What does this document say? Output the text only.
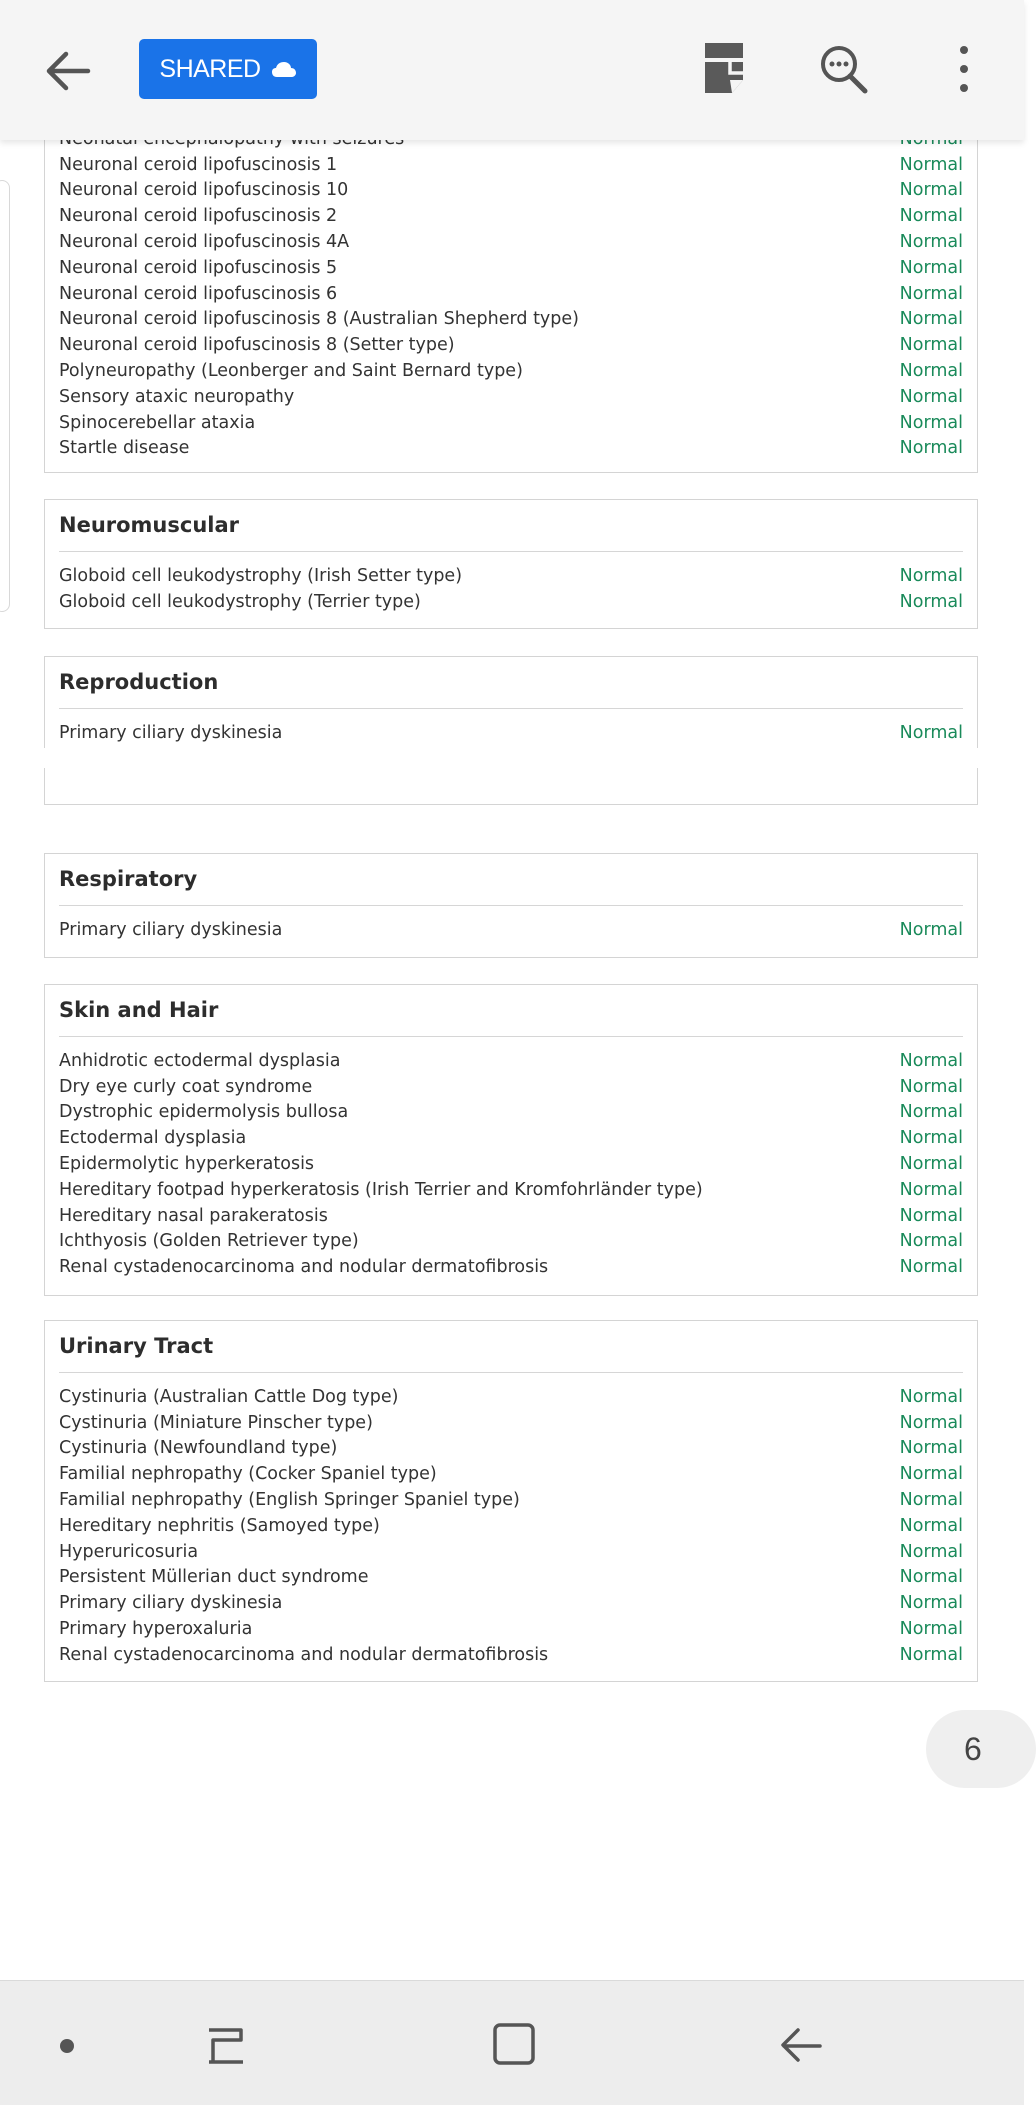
SHARED
Neuronal ceroid lipofuscinosis 1	Normal
Neuronal ceroid lipofuscinosis 10	Normal
Neuronal ceroid lipofuscinosis 2	Normal
Neuronal ceroid lipofuscinosis 4A	Normal
Neuronal ceroid lipofuscinosis 5	Normal
Neuronal ceroid lipofuscinosis 6	Normal
Neuronal ceroid lipofuscinosis 8 (Australian Shepherd type)	Normal
Neuronal ceroid lipofuscinosis 8 (Setter type)	Normal
Polyneuropathy (Leonberger and Saint Bernard type)	Normal
Sensory ataxic neuropathy	Normal
Spinocerebellar ataxia	Normal
Startle disease	Normal
Neuromuscular
Globoid cell leukodystrophy (Irish Setter type)	Normal
Globoid cell leukodystrophy (Terrier type)	Normal
Reproduction
Primary ciliary dyskinesia	Normal
Respiratory
Primary ciliary dyskinesia	Normal
Skin and Hair
Anhidrotic ectodermal dysplasia	Normal
Dry eye curly coat syndrome	Normal
Dystrophic epidermolysis bullosa	Normal
Ectodermal dysplasia	Normal
Epidermolytic hyperkeratosis	Normal
Hereditary footpad hyperkeratosis (Irish Terrier and Kromfohrländer type)	Normal
Hereditary nasal parakeratosis	Normal
Ichthyosis (Golden Retriever type)	Normal
Renal cystadenocarcinoma and nodular dermatofibrosis	Normal
Urinary Tract
Cystinuria (Australian Cattle Dog type)	Normal
Cystinuria (Miniature Pinscher type)	Normal
Cystinuria (Newfoundland type)	Normal
Familial nephropathy (Cocker Spaniel type)	Normal
Familial nephropathy (English Springer Spaniel type)	Normal
Hereditary nephritis (Samoyed type)	Normal
Hyperuricosuria	Normal
Persistent Müllerian duct syndrome	Normal
Primary ciliary dyskinesia	Normal
Primary hyperoxaluria	Normal
Renal cystadenocarcinoma and nodular dermatofibrosis	Normal
6
